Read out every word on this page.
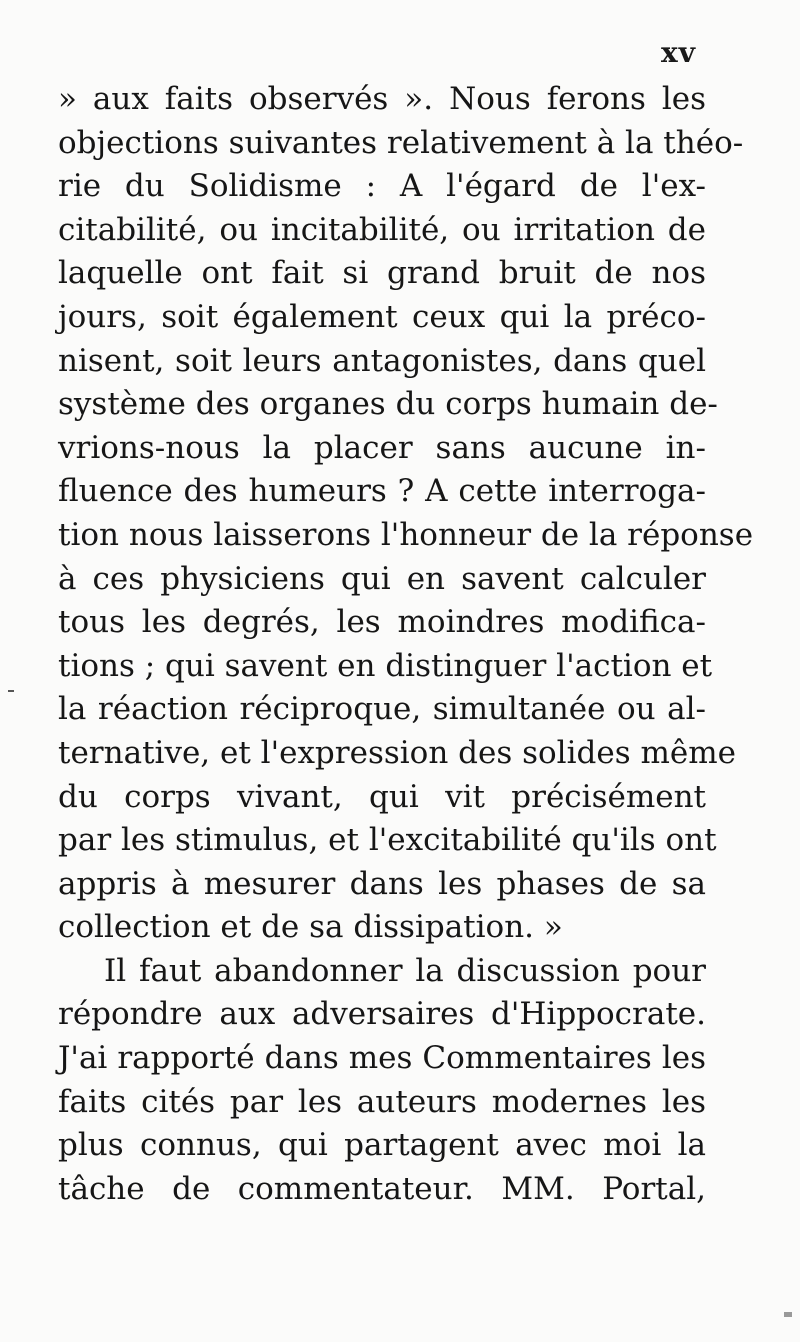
xv
» aux faits observés ». Nous ferons les
objections suivantes relativement à la théo-
rie du Solidisme : A l'égard de l'ex-
citabilité, ou incitabilité, ou irritation de
laquelle ont fait si grand bruit de nos
jours, soit également ceux qui la préco-
nisent, soit leurs antagonistes, dans quel
système des organes du corps humain de-
vrions-nous la placer sans aucune in-
fluence des humeurs ? A cette interroga-
tion nous laisserons l'honneur de la réponse
à ces physiciens qui en savent calculer
tous les degrés, les moindres modifica-
tions ; qui savent en distinguer l'action et
la réaction réciproque, simultanée ou al-
ternative, et l'expression des solides même
du corps vivant, qui vit précisément
par les stimulus, et l'excitabilité qu'ils ont
appris à mesurer dans les phases de sa
collection et de sa dissipation. »
Il faut abandonner la discussion pour
répondre aux adversaires d'Hippocrate.
J'ai rapporté dans mes Commentaires les
faits cités par les auteurs modernes les
plus connus, qui partagent avec moi la
tâche de commentateur. MM. Portal,
